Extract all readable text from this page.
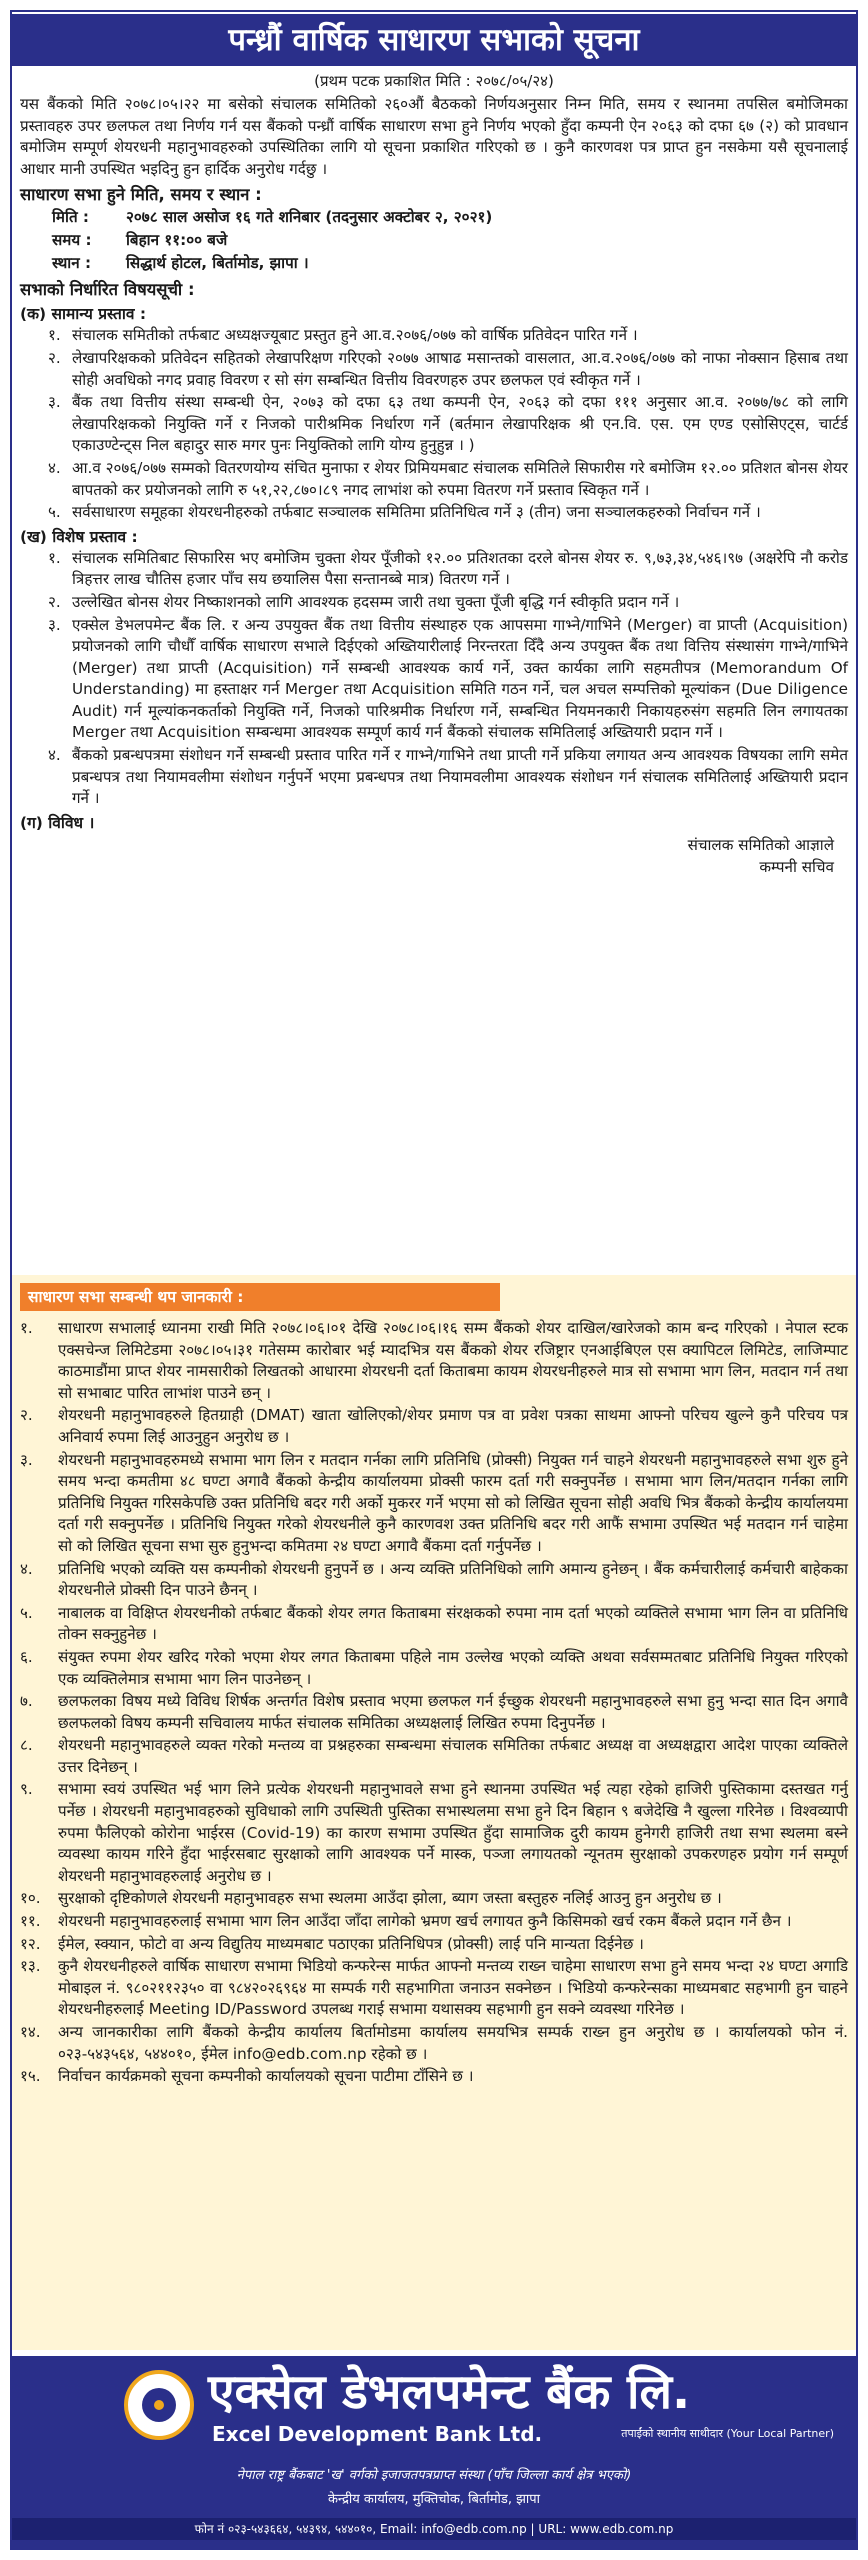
पन्ध्रौं वार्षिक साधारण सभाको सूचना
(प्रथम पटक प्रकाशित मिति : २०७८/०५/२४)

यस बैंकको मिति २०७८।०५।२२ मा बसेको संचालक समितिको २६०औं बैठकको निर्णयअनुसार निम्न मिति, समय र स्थानमा तपसिल बमोजिमका प्रस्तावहरु उपर छलफल तथा निर्णय गर्न यस बैंकको पन्ध्रौं वार्षिक साधारण सभा हुने निर्णय भएको हुँदा कम्पनी ऐन २०६३ को दफा ६७ (२) को प्रावधान बमोजिम सम्पूर्ण शेयरधनी महानुभावहरुको उपस्थितिका लागि यो सूचना प्रकाशित गरिएको छ । कुनै कारणवश पत्र प्राप्त हुन नसकेमा यसै सूचनालाई आधार मानी उपस्थित भइदिनु हुन हार्दिक अनुरोध गर्दछु ।

साधारण सभा हुने मिति, समय र स्थान :
मिति :	२०७८ साल असोज १६ गते शनिबार (तदनुसार अक्टोबर २, २०२१)
समय :	बिहान ११:०० बजे
स्थान :	सिद्धार्थ होटल, बिर्तामोड, झापा ।
सभाको निर्धारित विषयसूची :
(क) सामान्य प्रस्ताव :
१. संचालक समितीको तर्फबाट अध्यक्षज्यूबाट प्रस्तुत हुने आ.व.२०७६/०७७ को वार्षिक प्रतिवेदन पारित गर्ने ।
२. लेखापरिक्षकको प्रतिवेदन सहितको लेखापरिक्षण गरिएको २०७७ आषाढ मसान्तको वासलात, आ.व.२०७६/०७७ को नाफा नोक्सान हिसाब तथा सोही अवधिको नगद प्रवाह विवरण र सो संग सम्बन्धित वित्तीय विवरणहरु उपर छलफल एवं स्वीकृत गर्ने ।
३. बैंक तथा वित्तीय संस्था सम्बन्धी ऐन, २०७३ को दफा ६३ तथा कम्पनी ऐन, २०६३ को दफा १११ अनुसार आ.व. २०७७/७८ को लागि लेखापरिक्षकको नियुक्ति गर्ने र निजको पारीश्रमिक निर्धारण गर्ने (बर्तमान लेखापरिक्षक श्री एन.वि. एस. एम एण्ड एसोसिएट्स, चार्टर्ड एकाउण्टेन्ट्स निल बहादुर सारु मगर पुनः नियुक्तिको लागि योग्य हुनुहुन्न । )
४. आ.व २०७६/०७७ सम्मको वितरणयोग्य संचित मुनाफा र शेयर प्रिमियमबाट संचालक समितिले सिफारीस गरे बमोजिम १२.०० प्रतिशत बोनस शेयर बापतको कर प्रयोजनको लागि रु ५१,२२,८७०।८९ नगद लाभांश को रुपमा वितरण गर्ने प्रस्ताव स्विकृत गर्ने ।
५. सर्वसाधारण समूहका शेयरधनीहरुको तर्फबाट सञ्चालक समितिमा प्रतिनिधित्व गर्ने ३ (तीन) जना सञ्चालकहरुको निर्वाचन गर्ने ।
(ख) विशेष प्रस्ताव :
१. संचालक समितिबाट सिफारिस भए बमोजिम चुक्ता शेयर पूँजीको १२.०० प्रतिशतका दरले बोनस शेयर रु. ९,७३,३४,५४६।९७ (अक्षरेपि नौ करोड त्रिहत्तर लाख चौतिस हजार पाँच सय छयालिस पैसा सन्तानब्बे मात्र) वितरण गर्ने ।
२. उल्लेखित बोनस शेयर निष्काशनको लागि आवश्यक हदसम्म जारी तथा चुक्ता पूँजी बृद्धि गर्न स्वीकृति प्रदान गर्ने ।
३. एक्सेल डेभलपमेन्ट बैंक लि. र अन्य उपयुक्त बैंक तथा वित्तीय संस्थाहरु एक आपसमा गाभ्ने/गाभिने (Merger) वा प्राप्ती (Acquisition) प्रयोजनको लागि चौधौँ वार्षिक साधारण सभाले दिईएको अख्तियारीलाई निरन्तरता दिँदै अन्य उपयुक्त बैंक तथा वित्तिय संस्थासंग गाभ्ने/गाभिने (Merger) तथा प्राप्ती (Acquisition) गर्ने सम्बन्धी आवश्यक कार्य गर्ने, उक्त कार्यका लागि सहमतीपत्र (Memorandum Of Understanding) मा हस्ताक्षर गर्न Merger तथा Acquisition समिति गठन गर्ने, चल अचल सम्पत्तिको मूल्यांकन (Due Diligence Audit) गर्न मूल्यांकनकर्ताको नियुक्ति गर्ने, निजको पारिश्रमीक निर्धारण गर्ने, सम्बन्धित नियमनकारी निकायहरुसंग सहमति लिन लगायतका Merger तथा Acquisition सम्बन्धमा आवश्यक सम्पूर्ण कार्य गर्न बैंकको संचालक समितिलाई अख्तियारी प्रदान गर्ने ।
४. बैंकको प्रबन्धपत्रमा संशोधन गर्ने सम्बन्धी प्रस्ताव पारित गर्ने र गाभ्ने/गाभिने तथा प्राप्ती गर्ने प्रकिया लगायत अन्य आवश्यक विषयका लागि समेत प्रबन्धपत्र तथा नियामवलीमा संशोधन गर्नुपर्ने भएमा प्रबन्धपत्र तथा नियामवलीमा आवश्यक संशोधन गर्न संचालक समितिलाई अख्तियारी प्रदान गर्ने ।
(ग) विविध ।
संचालक समितिको आज्ञाले
कम्पनी सचिव
साधारण सभा सम्बन्धी थप जानकारी :
१.	साधारण सभालाई ध्यानमा राखी मिति २०७८।०६।०१ देखि २०७८।०६।१६ सम्म बैंकको शेयर दाखिल/खारेजको काम बन्द गरिएको । नेपाल स्टक एक्सचेन्ज लिमिटेडमा २०७८।०५।३१ गतेसम्म कारोबार भई म्यादभित्र यस बैंकको शेयर रजिष्ट्रार एनआईबिएल एस क्यापिटल लिमिटेड, लाजिम्पाट काठमाडौंमा प्राप्त शेयर नामसारीको लिखतको आधारमा शेयरधनी दर्ता किताबमा कायम शेयरधनीहरुले मात्र सो सभामा भाग लिन, मतदान गर्न तथा सो सभाबाट पारित लाभांश पाउने छन् ।
२.	शेयरधनी महानुभावहरुले हितग्राही (DMAT) खाता खोलिएको/शेयर प्रमाण पत्र वा प्रवेश पत्रका साथमा आफ्नो परिचय खुल्ने कुनै परिचय पत्र अनिवार्य रुपमा लिई आउनुहुन अनुरोध छ ।
३.	शेयरधनी महानुभावहरुमध्ये सभामा भाग लिन र मतदान गर्नका लागि प्रतिनिधि (प्रोक्सी) नियुक्त गर्न चाहने शेयरधनी महानुभावहरुले सभा शुरु हुने समय भन्दा कमतीमा ४८ घण्टा अगावै बैंकको केन्द्रीय कार्यालयमा प्रोक्सी फारम दर्ता गरी सक्नुपर्नेछ । सभामा भाग लिन/मतदान गर्नका लागि प्रतिनिधि नियुक्त गरिसकेपछि उक्त प्रतिनिधि बदर गरी अर्को मुकरर गर्ने भएमा सो को लिखित सूचना सोही अवधि भित्र बैंकको केन्द्रीय कार्यालयमा दर्ता गरी सक्नुपर्नेछ । प्रतिनिधि नियुक्त गरेको शेयरधनीले कुनै कारणवश उक्त प्रतिनिधि बदर गरी आफैं सभामा उपस्थित भई मतदान गर्न चाहेमा सो को लिखित सूचना सभा सुरु हुनुभन्दा कमितमा २४ घण्टा अगावै बैंकमा दर्ता गर्नुपर्नेछ ।
४.	प्रतिनिधि भएको व्यक्ति यस कम्पनीको शेयरधनी हुनुपर्ने छ । अन्य व्यक्ति प्रतिनिधिको लागि अमान्य हुनेछन् । बैंक कर्मचारीलाई कर्मचारी बाहेकका शेयरधनीले प्रोक्सी दिन पाउने छैनन् ।
५.	नाबालक वा विक्षिप्त शेयरधनीको तर्फबाट बैंकको शेयर लगत किताबमा संरक्षकको रुपमा नाम दर्ता भएको व्यक्तिले सभामा भाग लिन वा प्रतिनिधि तोक्न सक्नुहुनेछ ।
६.	संयुक्त रुपमा शेयर खरिद गरेको भएमा शेयर लगत किताबमा पहिले नाम उल्लेख भएको व्यक्ति अथवा सर्वसम्मतबाट प्रतिनिधि नियुक्त गरिएको एक व्यक्तिलेमात्र सभामा भाग लिन पाउनेछन् ।
७.	छलफलका विषय मध्ये विविध शिर्षक अन्तर्गत विशेष प्रस्ताव भएमा छलफल गर्न ईच्छुक शेयरधनी महानुभावहरुले सभा हुनु भन्दा सात दिन अगावै छलफलको विषय कम्पनी सचिवालय मार्फत संचालक समितिका अध्यक्षलाई लिखित रुपमा दिनुपर्नेछ ।
८.	शेयरधनी महानुभावहरुले व्यक्त गरेको मन्तव्य वा प्रश्नहरुका सम्बन्धमा संचालक समितिका तर्फबाट अध्यक्ष वा अध्यक्षद्वारा आदेश पाएका व्यक्तिले उत्तर दिनेछन् ।
९.	सभामा स्वयं उपस्थित भई भाग लिने प्रत्येक शेयरधनी महानुभावले सभा हुने स्थानमा उपस्थित भई त्यहा रहेको हाजिरी पुस्तिकामा दस्तखत गर्नु पर्नेछ । शेयरधनी महानुभावहरुको सुविधाको लागि उपस्थिती पुस्तिका सभास्थलमा सभा हुने दिन बिहान ९ बजेदेखि नै खुल्ला गरिनेछ । विश्वव्यापी रुपमा फैलिएको कोरोना भाईरस (Covid-19) का कारण सभामा उपस्थित हुँदा सामाजिक दुरी कायम हुनेगरी हाजिरी तथा सभा स्थलमा बस्ने व्यवस्था कायम गरिने हुँदा भाईरसबाट सुरक्षाको लागि आवश्यक पर्ने मास्क, पञ्जा लगायतको न्यूनतम सुरक्षाको उपकरणहरु प्रयोग गर्न सम्पूर्ण शेयरधनी महानुभावहरुलाई अनुरोध छ ।
१०.	सुरक्षाको दृष्टिकोणले शेयरधनी महानुभावहरु सभा स्थलमा आउँदा झोला, ब्याग जस्ता बस्तुहरु नलिई आउनु हुन अनुरोध छ ।
११.	शेयरधनी महानुभावहरुलाई सभामा भाग लिन आउँदा जाँदा लागेको भ्रमण खर्च लगायत कुनै किसिमको खर्च रकम बैंकले प्रदान गर्ने छैन ।
१२.	ईमेल, स्क्यान, फोटो वा अन्य विद्युतिय माध्यमबाट पठाएका प्रतिनिधिपत्र (प्रोक्सी) लाई पनि मान्यता दिईनेछ ।
१३.	कुनै शेयरधनीहरुले वार्षिक साधारण सभामा भिडियो कन्फरेन्स मार्फत आफ्नो मन्तव्य राख्न चाहेमा साधारण सभा हुने समय भन्दा २४ घण्टा अगाडि मोबाइल नं. ९८०२११२३५० वा ९८४२०२६९६४ मा सम्पर्क गरी सहभागिता जनाउन सक्नेछन । भिडियो कन्फरेन्सका माध्यमबाट सहभागी हुन चाहने शेयरधनीहरुलाई Meeting ID/Password उपलब्ध गराई सभामा यथासक्य सहभागी हुन सक्ने व्यवस्था गरिनेछ ।
१४.	अन्य जानकारीका लागि बैंकको केन्द्रीय कार्यालय बिर्तामोडमा कार्यालय समयभित्र सम्पर्क राख्न हुन अनुरोध छ । कार्यालयको फोन नं. ०२३-५४३५६४, ५४४०१०, ईमेल info@edb.com.np रहेको छ ।
१५.	निर्वाचन कार्यक्रमको सूचना कम्पनीको कार्यालयको सूचना पाटीमा टाँसिने छ ।
एक्सेल डेभलपमेन्ट बैंक लि.
Excel Development Bank Ltd.	तपाईंको स्थानीय साथीदार (Your Local Partner)
नेपाल राष्ट्र बैंकबाट 'ख' वर्गको इजाजतपत्रप्राप्त संस्था (पाँच जिल्ला कार्य क्षेत्र भएको)
केन्द्रीय कार्यालय, मुक्तिचोक, बिर्तामोड, झापा
फोन नं ०२३-५४३६६४, ५४३९४, ५४४०१०, Email: info@edb.com.np | URL: www.edb.com.np
